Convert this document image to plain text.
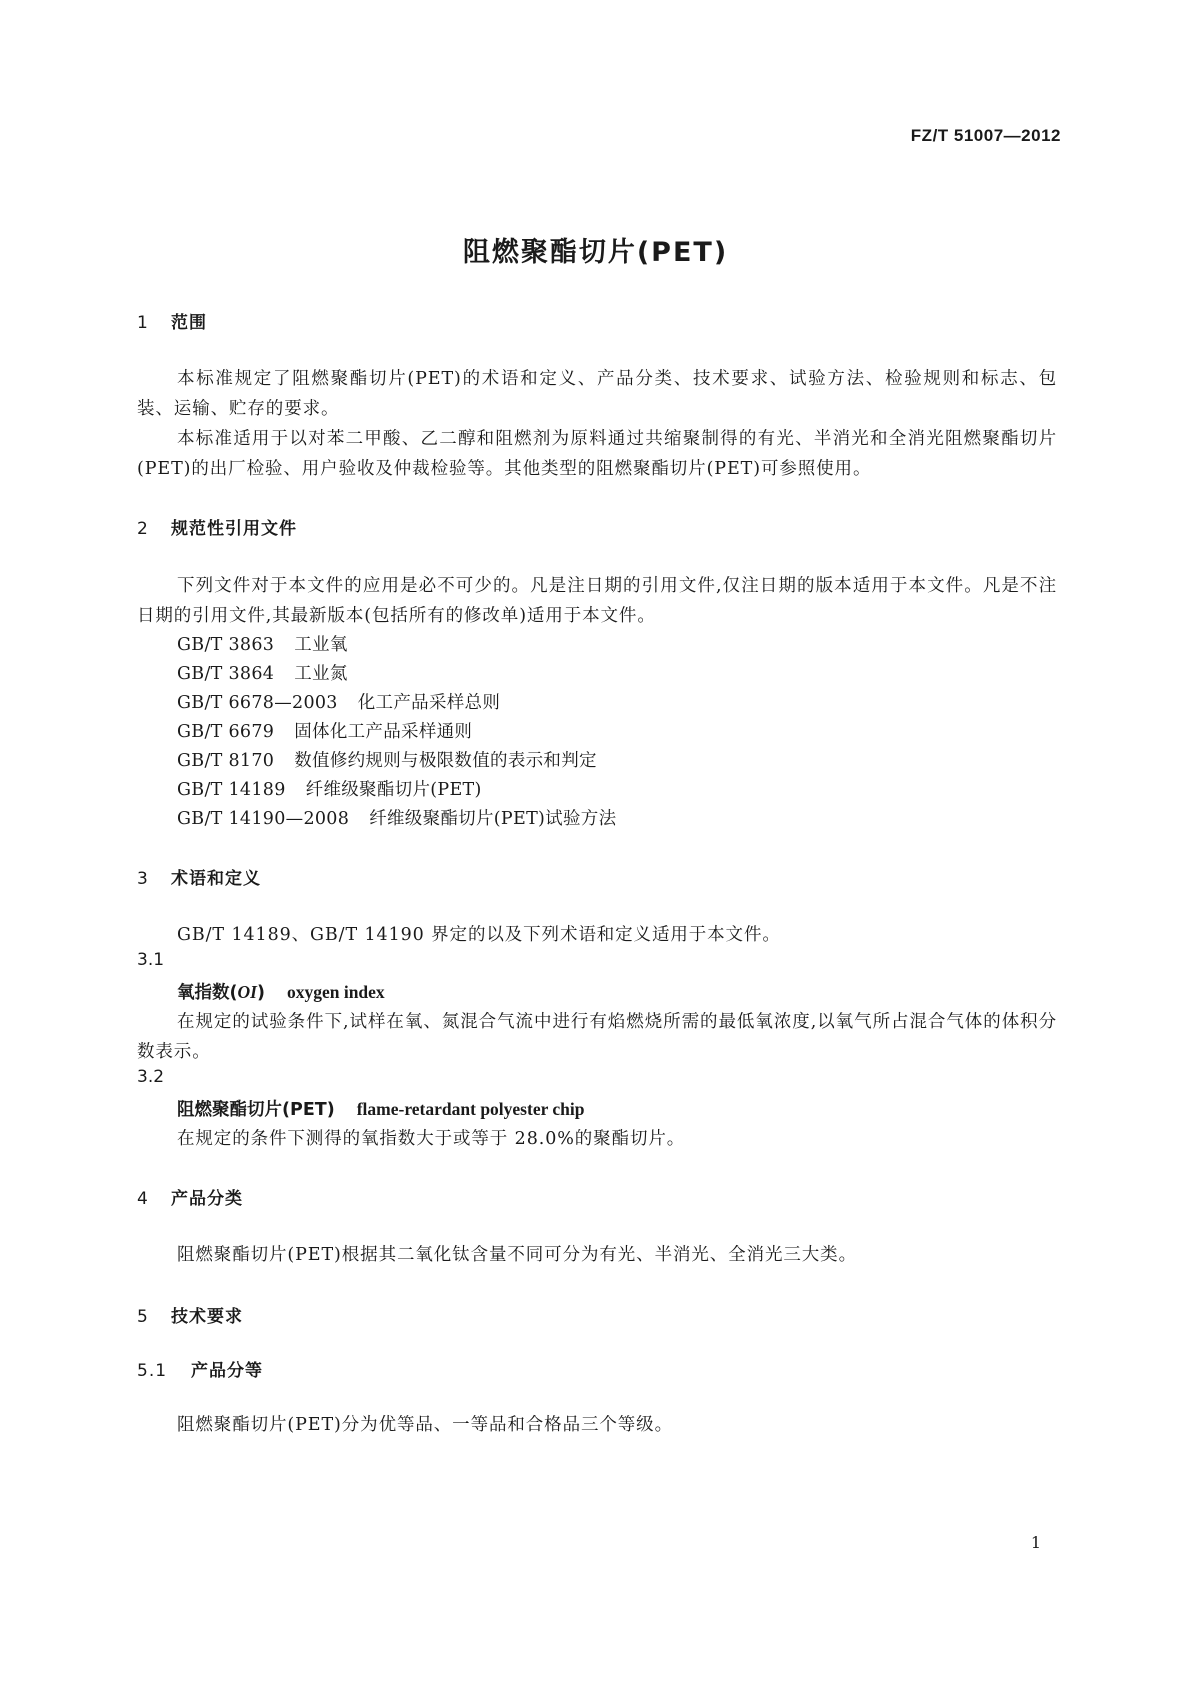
FZ/T 51007—2012
阻燃聚酯切片(PET)
1 范围
本标准规定了阻燃聚酯切片(PET)的术语和定义、产品分类、技术要求、试验方法、检验规则和标志、包装、运输、贮存的要求。
本标准适用于以对苯二甲酸、乙二醇和阻燃剂为原料通过共缩聚制得的有光、半消光和全消光阻燃聚酯切片(PET)的出厂检验、用户验收及仲裁检验等。其他类型的阻燃聚酯切片(PET)可参照使用。
2 规范性引用文件
下列文件对于本文件的应用是必不可少的。凡是注日期的引用文件,仅注日期的版本适用于本文件。凡是不注日期的引用文件,其最新版本(包括所有的修改单)适用于本文件。
GB/T 3863 工业氧
GB/T 3864 工业氮
GB/T 6678—2003 化工产品采样总则
GB/T 6679 固体化工产品采样通则
GB/T 8170 数值修约规则与极限数值的表示和判定
GB/T 14189 纤维级聚酯切片(PET)
GB/T 14190—2008 纤维级聚酯切片(PET)试验方法
3 术语和定义
GB/T 14189、GB/T 14190 界定的以及下列术语和定义适用于本文件。
3.1
氧指数(OI) oxygen index
在规定的试验条件下,试样在氧、氮混合气流中进行有焰燃烧所需的最低氧浓度,以氧气所占混合气体的体积分数表示。
3.2
阻燃聚酯切片(PET) flame-retardant polyester chip
在规定的条件下测得的氧指数大于或等于 28.0%的聚酯切片。
4 产品分类
阻燃聚酯切片(PET)根据其二氧化钛含量不同可分为有光、半消光、全消光三大类。
5 技术要求
5.1 产品分等
阻燃聚酯切片(PET)分为优等品、一等品和合格品三个等级。
1
